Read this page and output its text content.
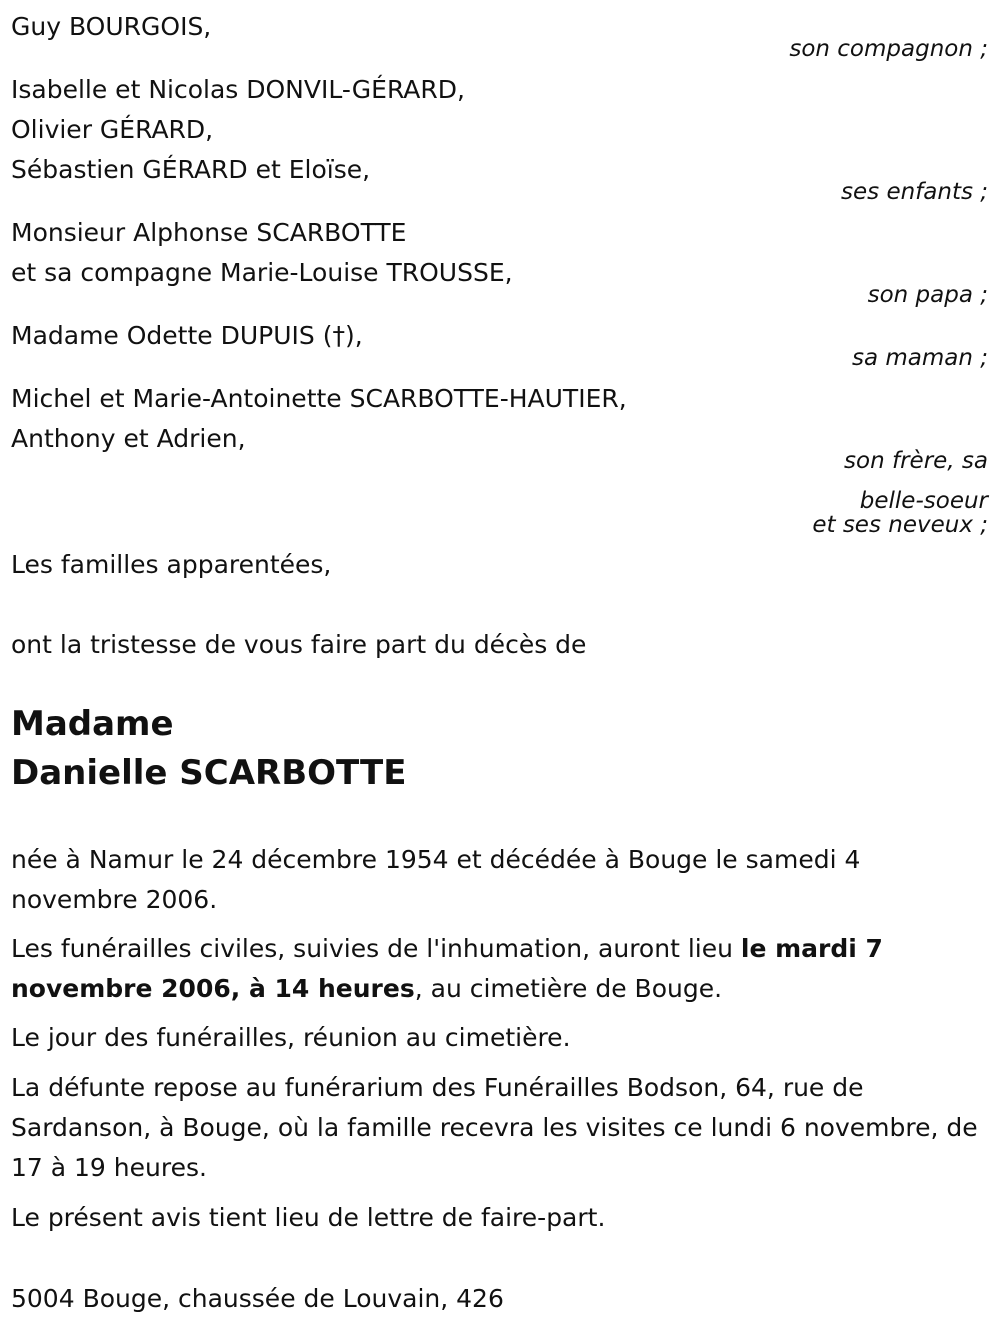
Guy BOURGOIS,
son compagnon ;
Isabelle et Nicolas DONVIL-GÉRARD,
Olivier GÉRARD,
Sébastien GÉRARD et Eloïse,
ses enfants ;
Monsieur Alphonse SCARBOTTE
et sa compagne Marie-Louise TROUSSE,
son papa ;
Madame Odette DUPUIS (†),
sa maman ;
Michel et Marie-Antoinette SCARBOTTE-HAUTIER,
Anthony et Adrien,
son frère, sa
belle-soeur
et ses neveux ;
Les familles apparentées,
ont la tristesse de vous faire part du décès de
Madame
Danielle SCARBOTTE
née à Namur le 24 décembre 1954 et décédée à Bouge le samedi 4 novembre 2006.
Les funérailles civiles, suivies de l'inhumation, auront lieu le mardi 7 novembre 2006, à 14 heures, au cimetière de Bouge.
Le jour des funérailles, réunion au cimetière.
La défunte repose au funérarium des Funérailles Bodson, 64, rue de Sardanson, à Bouge, où la famille recevra les visites ce lundi 6 novembre, de 17 à 19 heures.
Le présent avis tient lieu de lettre de faire-part.
5004 Bouge, chaussée de Louvain, 426
